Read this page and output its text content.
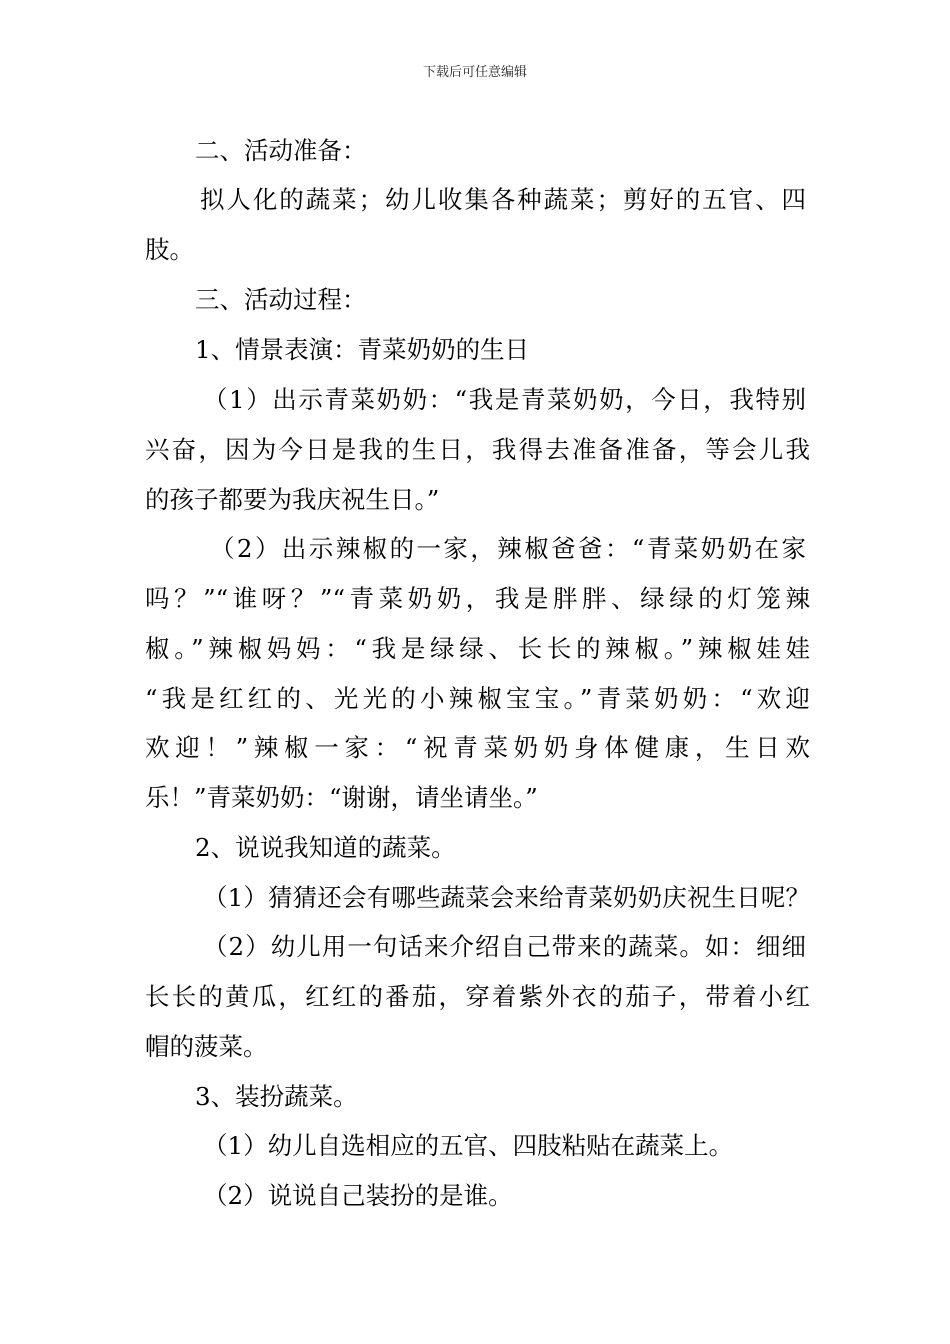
下载后可任意编辑
二、活动准备：
拟人化的蔬菜；幼儿收集各种蔬菜；剪好的五官、四
肢。
三、活动过程：
1、情景表演：青菜奶奶的生日
（1）出示青菜奶奶：“我是青菜奶奶，今日，我特别
兴奋，因为今日是我的生日，我得去准备准备，等会儿我
的孩子都要为我庆祝生日。”
（2）出示辣椒的一家，辣椒爸爸：“青菜奶奶在家
吗？”“谁呀？”“青菜奶奶，我是胖胖、绿绿的灯笼辣
椒。”辣椒妈妈：“我是绿绿、长长的辣椒。”辣椒娃娃
“我是红红的、光光的小辣椒宝宝。”青菜奶奶：“欢迎
欢迎！”辣椒一家：“祝青菜奶奶身体健康，生日欢
乐！”青菜奶奶：“谢谢，请坐请坐。”
2、说说我知道的蔬菜。
（1）猜猜还会有哪些蔬菜会来给青菜奶奶庆祝生日呢？
（2）幼儿用一句话来介绍自己带来的蔬菜。如：细细
长长的黄瓜，红红的番茄，穿着紫外衣的茄子，带着小红
帽的菠菜。
3、装扮蔬菜。
（1）幼儿自选相应的五官、四肢粘贴在蔬菜上。
（2）说说自己装扮的是谁。
